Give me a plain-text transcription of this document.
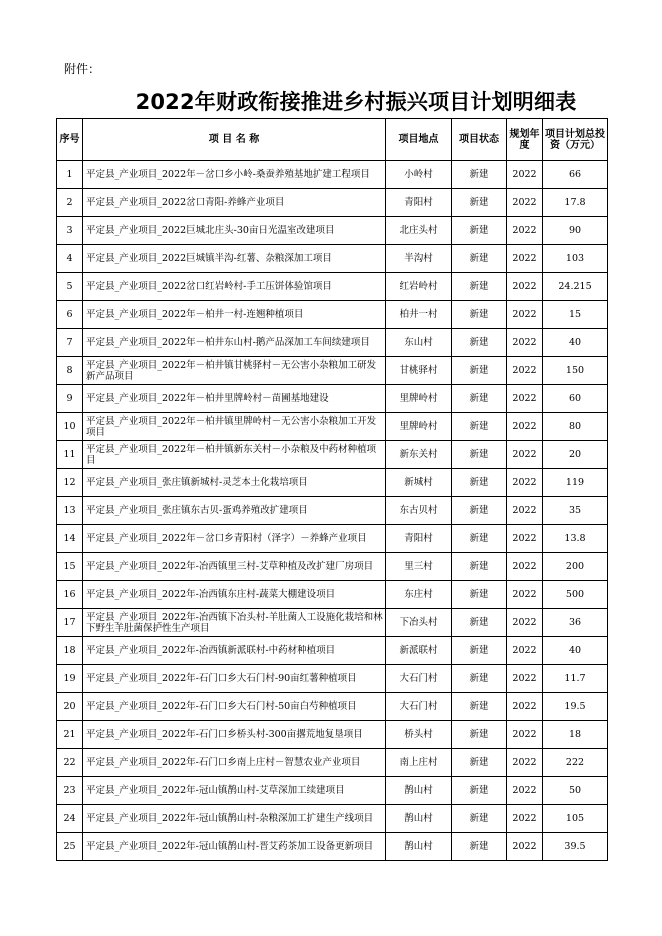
附件：
2022年财政衔接推进乡村振兴项目计划明细表
序号	项 目 名 称	项目地点	项目状态	规划年度	项目计划总投资（万元）
1	平定县_产业项目_2022年－岔口乡小岭-桑蚕养殖基地扩建工程项目	小岭村	新建	2022	66
2	平定县_产业项目_2022岔口青阳-养蜂产业项目	青阳村	新建	2022	17.8
3	平定县_产业项目_2022巨城北庄头-30亩日光温室改建项目	北庄头村	新建	2022	90
4	平定县_产业项目_2022巨城镇半沟-红薯、杂粮深加工项目	半沟村	新建	2022	103
5	平定县_产业项目_2022岔口红岩岭村-手工压饼体验馆项目	红岩岭村	新建	2022	24.215
6	平定县_产业项目_2022年－柏井一村-连翘种植项目	柏井一村	新建	2022	15
7	平定县_产业项目_2022年－柏井东山村-鹅产品深加工车间续建项目	东山村	新建	2022	40
8	平定县_产业项目_2022年－柏井镇甘桃驿村－无公害小杂粮加工研发新产品项目	甘桃驿村	新建	2022	150
9	平定县_产业项目_2022年－柏井里牌岭村－苗圃基地建设	里牌岭村	新建	2022	60
10	平定县_产业项目_2022年－柏井镇里牌岭村－无公害小杂粮加工开发项目	里牌岭村	新建	2022	80
11	平定县_产业项目_2022年－柏井镇新东关村－小杂粮及中药材种植项目	新东关村	新建	2022	20
12	平定县_产业项目_张庄镇新城村-灵芝本土化栽培项目	新城村	新建	2022	119
13	平定县_产业项目_张庄镇东古贝-蛋鸡养殖改扩建项目	东古贝村	新建	2022	35
14	平定县_产业项目_2022年－岔口乡青阳村（泽字）－养蜂产业项目	青阳村	新建	2022	13.8
15	平定县_产业项目_2022年-冶西镇里三村-艾草种植及改扩建厂房项目	里三村	新建	2022	200
16	平定县_产业项目_2022年-冶西镇东庄村-蔬菜大棚建设项目	东庄村	新建	2022	500
17	平定县_产业项目_2022年-冶西镇下冶头村-羊肚菌人工设施化栽培和林下野生羊肚菌保护性生产项目	下冶头村	新建	2022	36
18	平定县_产业项目_2022年-冶西镇新派联村-中药材种植项目	新派联村	新建	2022	40
19	平定县_产业项目_2022年-石门口乡大石门村-90亩红薯种植项目	大石门村	新建	2022	11.7
20	平定县_产业项目_2022年-石门口乡大石门村-50亩白芍种植项目	大石门村	新建	2022	19.5
21	平定县_产业项目_2022年-石门口乡桥头村-300亩撂荒地复垦项目	桥头村	新建	2022	18
22	平定县_产业项目_2022年-石门口乡南上庄村－智慧农业产业项目	南上庄村	新建	2022	222
23	平定县_产业项目_2022年-冠山镇鹊山村-艾草深加工续建项目	鹊山村	新建	2022	50
24	平定县_产业项目_2022年-冠山镇鹊山村-杂粮深加工扩建生产线项目	鹊山村	新建	2022	105
25	平定县_产业项目_2022年-冠山镇鹊山村-晋艾药茶加工设备更新项目	鹊山村	新建	2022	39.5
